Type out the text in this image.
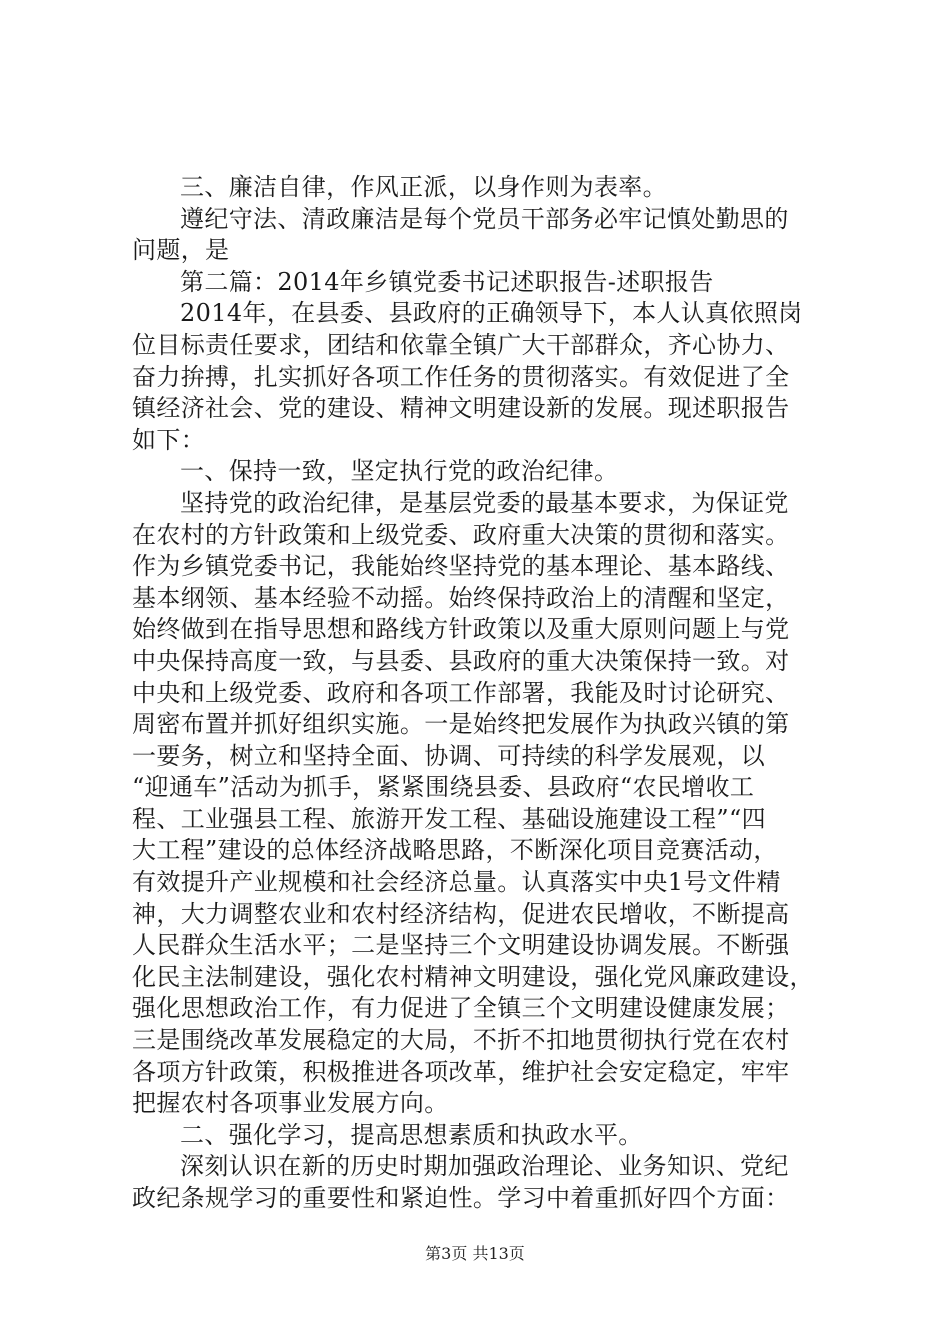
三、廉洁自律，作风正派，以身作则为表率。
遵纪守法、清政廉洁是每个党员干部务必牢记慎处勤思的
问题，是
第二篇：2014年乡镇党委书记述职报告-述职报告
2014年，在县委、县政府的正确领导下，本人认真依照岗
位目标责任要求，团结和依靠全镇广大干部群众，齐心协力、
奋力拚搏，扎实抓好各项工作任务的贯彻落实。有效促进了全
镇经济社会、党的建设、精神文明建设新的发展。现述职报告
如下：
一、保持一致，坚定执行党的政治纪律。
坚持党的政治纪律，是基层党委的最基本要求，为保证党
在农村的方针政策和上级党委、政府重大决策的贯彻和落实。
作为乡镇党委书记，我能始终坚持党的基本理论、基本路线、
基本纲领、基本经验不动摇。始终保持政治上的清醒和坚定，
始终做到在指导思想和路线方针政策以及重大原则问题上与党
中央保持高度一致，与县委、县政府的重大决策保持一致。对
中央和上级党委、政府和各项工作部署，我能及时讨论研究、
周密布置并抓好组织实施。一是始终把发展作为执政兴镇的第
一要务，树立和坚持全面、协调、可持续的科学发展观，以
“迎通车”活动为抓手，紧紧围绕县委、县政府“农民增收工
程、工业强县工程、旅游开发工程、基础设施建设工程”“四
大工程”建设的总体经济战略思路，不断深化项目竞赛活动，
有效提升产业规模和社会经济总量。认真落实中央1号文件精
神，大力调整农业和农村经济结构，促进农民增收，不断提高
人民群众生活水平；二是坚持三个文明建设协调发展。不断强
化民主法制建设，强化农村精神文明建设，强化党风廉政建设，
强化思想政治工作，有力促进了全镇三个文明建设健康发展；
三是围绕改革发展稳定的大局，不折不扣地贯彻执行党在农村
各项方针政策，积极推进各项改革，维护社会安定稳定，牢牢
把握农村各项事业发展方向。
二、强化学习，提高思想素质和执政水平。
深刻认识在新的历史时期加强政治理论、业务知识、党纪
政纪条规学习的重要性和紧迫性。学习中着重抓好四个方面：
第3页 共13页
